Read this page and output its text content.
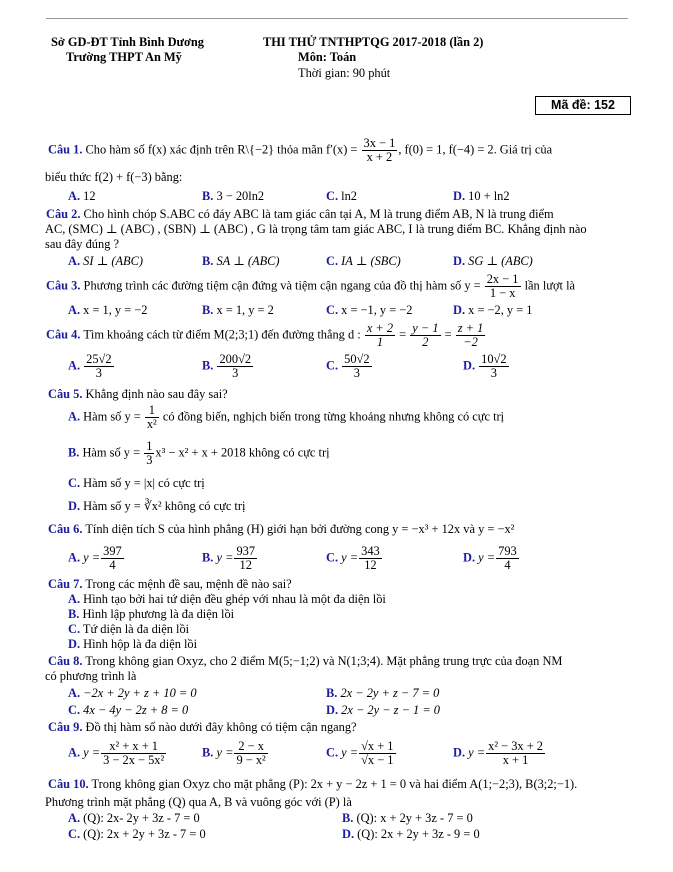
Sở GD-ĐT Tỉnh Bình Dương
Trường THPT An Mỹ
THI THỬ TNTHPTQG 2017-2018 (lần 2)
Môn: Toán
Thời gian: 90 phút
Mã đề: 152
Câu 1. Cho hàm số f(x) xác định trên R\{−2} thỏa mãn $f'(x) = \frac{3x - 1}{x + 2}$ , f(0) = 1, f(−4) = 2. Giá trị của
biểu thức f(2) + f(−3) bằng:
A. 12	B. 3 − 20ln2	C. ln2	D. 10 + ln2
Câu 2. Cho hình chóp S.ABC có đáy ABC là tam giác cân tại A, M là trung điểm AB, N là trung điểm
AC, (SMC) ⊥ (ABC) , (SBN) ⊥ (ABC) , G là trọng tâm tam giác ABC, I là trung điểm BC. Khẳng định nào
sau đây đúng ?
A. SI ⊥ (ABC)	B. SA ⊥ (ABC)	C. IA ⊥ (SBC)	D. SG ⊥ (ABC)
Câu 3. Phương trình các đường tiệm cận đứng và tiệm cận ngang của đồ thị hàm số $y = \frac{2x - 1}{1 - x}$ lần lượt là
A. x = 1, y = −2	B. x = 1, y = 2	C. x = −1, y = −2	D. x = −2, y = 1
Câu 4. Tìm khoảng cách từ điểm M(2;3;1) đến đường thẳng d : $\frac{x + 2}{1} = \frac{y - 1}{2} = \frac{z + 1}{-2}$
A. $\frac{25√2}{3}$	B. $\frac{200√2}{3}$	C. $\frac{50√2}{3}$	D. $\frac{10√2}{3}$
Câu 5. Khẳng định nào sau đây sai?
A. Hàm số $y = \frac{1}{\text{x²}}$ có đồng biến, nghịch biến trong từng khoảng nhưng không có cực trị
B. Hàm số $y = \frac{1}{3} x^3 - x^2 + x + 2018$ không có cực trị
C. Hàm số y = |x| có cực trị
D. Hàm số y = ∛x² không có cực trị
Câu 6. Tính diện tích S của hình phẳng (H) giới hạn bởi đường cong y = −x³ + 12x và y = −x²
A. $y = \frac{397}{4}$	B. $y = \frac{937}{12}$	C. $y = \frac{343}{12}$	D. $y = \frac{793}{4}$
Câu 7. Trong các mệnh đề sau, mệnh đề nào sai?
A. Hình tạo bởi hai tứ diện đều ghép với nhau là một đa diện lồi
B. Hình lập phương là đa diện lồi
C. Tứ diện là đa diện lồi
D. Hình hộp là đa diện lồi
Câu 8. Trong không gian Oxyz, cho 2 điểm M(5;−1;2) và N(1;3;4). Mặt phẳng trung trực của đoạn NM
có phương trình là
A. −2x + 2y + z + 10 = 0	B. 2x − 2y + z − 7 = 0
C. 4x − 4y − 2z + 8 = 0	D. 2x − 2y − z − 1 = 0
Câu 9. Đồ thị hàm số nào dưới đây không có tiệm cận ngang?
A. $y = \frac{\text{x² + x + 1}}{\text{3 − 2x − 5x²}}$	B. $y = \frac{2 - x}{\text{9 − x²}}$	C. $y = \frac{√x + 1}{√x - 1}$	D. $y = \frac{\text{x² − 3x + 2}}{x + 1}$
Câu 10. Trong không gian Oxyz cho mặt phẳng (P): 2x + y − 2z + 1 = 0 và hai điểm A(1;−2;3), B(3;2;−1).
Phương trình mặt phẳng (Q) qua A, B và vuông góc với (P) là
A. (Q): 2x- 2y + 3z - 7 = 0	B. (Q): x + 2y + 3z - 7 = 0
C. (Q): 2x + 2y + 3z - 7 = 0	D. (Q): 2x + 2y + 3z - 9 = 0
